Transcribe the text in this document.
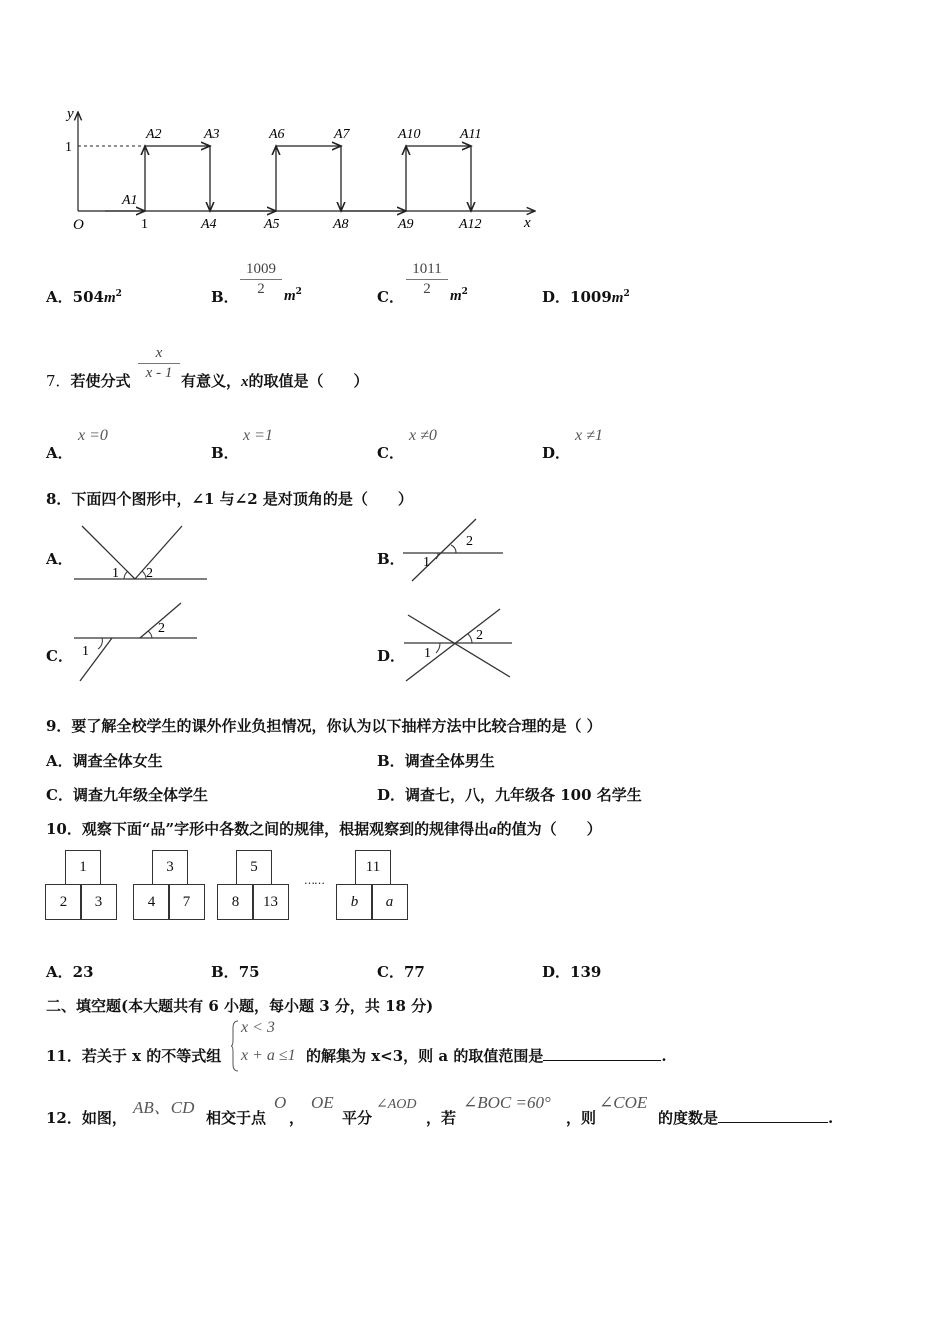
y
x
O
1
1
A1
A2	A3
A4	A5
A6	A7
A8	A9
A10	A11
A12
A．$504m^2$	B．
1009
2	$m^2$	C．
1011
2	$m^2$	D．$1009m^2$
7．若使分式
x
x - 1 有意义，x的取值是（　　）
A．
x =0
B．
x =1
C．
x ≠0
D．
x ≠1
8．下面四个图形中，∠1 与∠2 是对顶角的是（　　）
A．
1 2
B． 1
2
C． 1
2
D． 1
2
9．要了解全校学生的课外作业负担情况，你认为以下抽样方法中比较合理的是（ ）
A．调查全体女生	B．调查全体男生
C．调查九年级全体学生	D．调查七，八，九年级各 100 名学生
10．观察下面“品”字形中各数之间的规律，根据观察到的规律得出a的值为（　　）
1
2	3
3
4	7
5
8	13
……
11
b	a
A．23	B．75	C．77	D．139
二、填空题(本大题共有 6 小题，每小题 3 分，共 18 分)
11．若关于 x 的不等式组
x < 3
x + a ≤1 的解集为 x<3，则 a 的取值范围是	.
12．如图，
AB、CD
相交于点
O
，
OE
平分
∠AOD
，若
∠BOC =60°
，则
∠COE
的度数是	.
